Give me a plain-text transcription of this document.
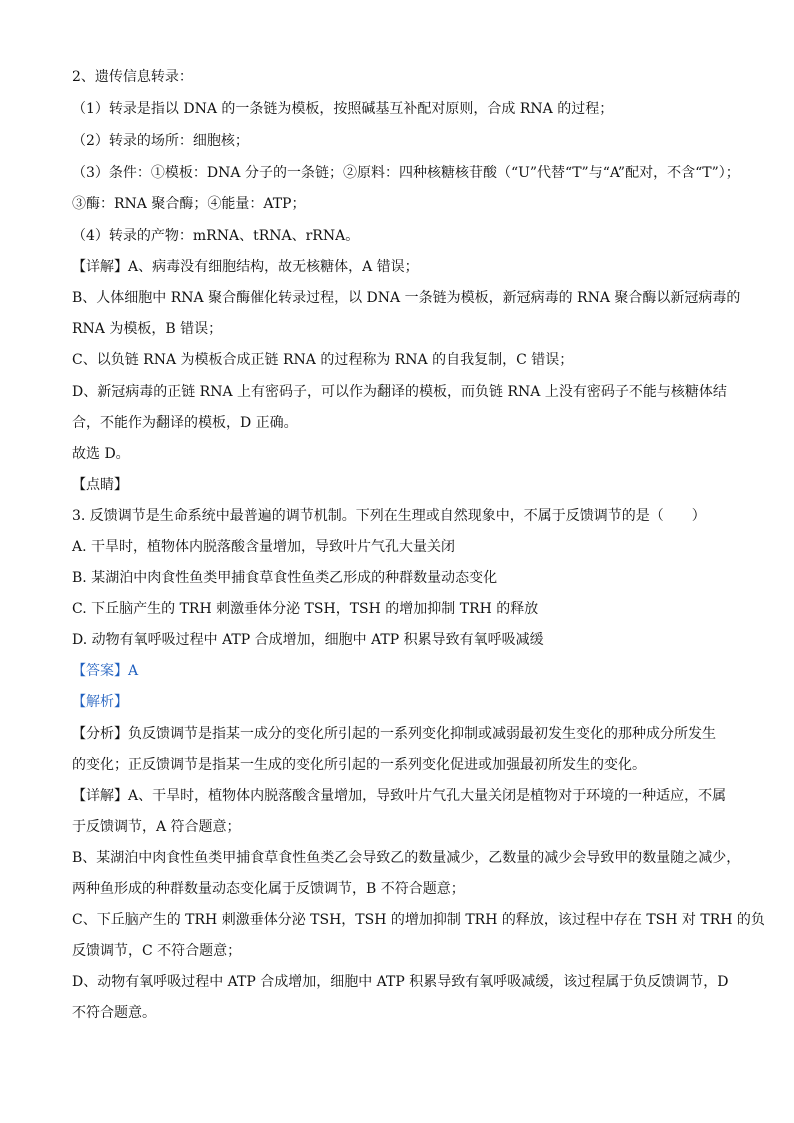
2、遗传信息转录：
（1）转录是指以 DNA 的一条链为模板，按照碱基互补配对原则，合成 RNA 的过程；
（2）转录的场所：细胞核；
（3）条件：①模板：DNA 分子的一条链；②原料：四种核糖核苷酸（“U”代替“T”与“A”配对，不含“T”）；
③酶：RNA 聚合酶；④能量：ATP；
（4）转录的产物：mRNA、tRNA、rRNA。
【详解】A、病毒没有细胞结构，故无核糖体，A 错误；
B、人体细胞中 RNA 聚合酶催化转录过程，以 DNA 一条链为模板，新冠病毒的 RNA 聚合酶以新冠病毒的
RNA 为模板，B 错误；
C、以负链 RNA 为模板合成正链 RNA 的过程称为 RNA 的自我复制，C 错误；
D、新冠病毒的正链 RNA 上有密码子，可以作为翻译的模板，而负链 RNA 上没有密码子不能与核糖体结
合，不能作为翻译的模板，D 正确。
故选 D。
【点睛】
3. 反馈调节是生命系统中最普遍的调节机制。下列在生理或自然现象中，不属于反馈调节的是（　　）
A. 干旱时，植物体内脱落酸含量增加，导致叶片气孔大量关闭
B. 某湖泊中肉食性鱼类甲捕食草食性鱼类乙形成的种群数量动态变化
C. 下丘脑产生的 TRH 刺激垂体分泌 TSH，TSH 的增加抑制 TRH 的释放
D. 动物有氧呼吸过程中 ATP 合成增加，细胞中 ATP 积累导致有氧呼吸减缓
【答案】A
【解析】
【分析】负反馈调节是指某一成分的变化所引起的一系列变化抑制或减弱最初发生变化的那种成分所发生
的变化；正反馈调节是指某一生成的变化所引起的一系列变化促进或加强最初所发生的变化。
【详解】A、干旱时，植物体内脱落酸含量增加，导致叶片气孔大量关闭是植物对于环境的一种适应，不属
于反馈调节，A 符合题意；
B、某湖泊中肉食性鱼类甲捕食草食性鱼类乙会导致乙的数量减少，乙数量的减少会导致甲的数量随之减少，
两种鱼形成的种群数量动态变化属于反馈调节，B 不符合题意；
C、下丘脑产生的 TRH 刺激垂体分泌 TSH，TSH 的增加抑制 TRH 的释放，该过程中存在 TSH 对 TRH 的负
反馈调节，C 不符合题意；
D、动物有氧呼吸过程中 ATP 合成增加，细胞中 ATP 积累导致有氧呼吸减缓，该过程属于负反馈调节，D
不符合题意。
